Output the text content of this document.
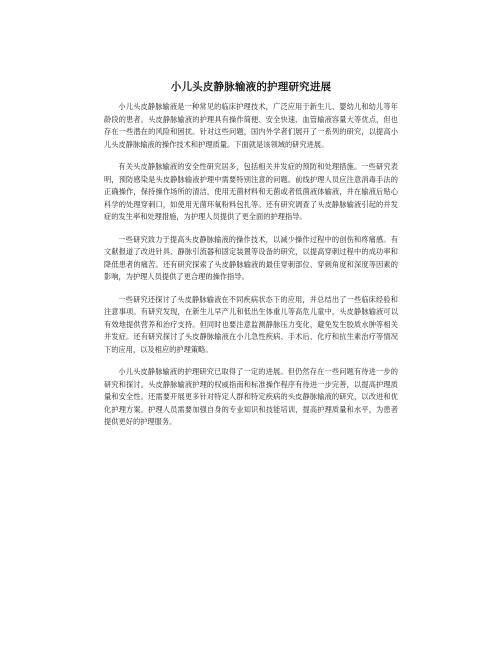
小儿头皮静脉输液的护理研究进展

小儿头皮静脉输液是一种常见的临床护理技术，广泛应用于新生儿、婴幼儿和幼儿等年龄段的患者。头皮静脉输液的护理具有操作简便、安全快速、血管输液容量大等优点，但也存在一些潜在的风险和困扰。针对这些问题，国内外学者们展开了一系列的研究，以提高小儿头皮静脉输液的操作技术和护理质量。下面就是该领域的研究进展。

有关头皮静脉输液的安全性研究居多，包括相关并发症的预防和处理措施。一些研究表明，预防感染是头皮静脉输液护理中需要特别注意的问题。前线护理人员应注意消毒手法的正确操作，保持操作场所的清洁，使用无菌材料和无菌或者低菌液体输液，并在输液后贴心科学的处理穿刺口，如使用无菌环氧粉料包扎等。还有研究调查了头皮静脉输液引起的并发症的发生率和处理措施，为护理人员提供了更全面的护理指导。

一些研究致力于提高头皮静脉输液的操作技术，以减少操作过程中的创伤和疼痛感。有文献报道了改进针具、静脉引流器和固定装置等设备的研究，以提高穿刺过程中的成功率和降低患者的痛苦。还有研究探索了头皮静脉输液的最佳穿刺部位、穿刺角度和深度等因素的影响，为护理人员提供了更合理的操作指导。

一些研究还探讨了头皮静脉输液在不同疾病状态下的应用，并总结出了一些临床经验和注意事项。有研究发现，在新生儿早产儿和低出生体重儿等高危儿童中，头皮静脉输液可以有效地提供营养和治疗支持。但同时也要注意监测静脉压力变化，避免发生胶质水肿等相关并发症。还有研究探讨了头皮静脉输液在小儿急性疾病、手术后、化疗和抗生素治疗等情况下的应用，以及相应的护理策略。

小儿头皮静脉输液的护理研究已取得了一定的进展。但仍然存在一些问题有待进一步的研究和探讨。头皮静脉输液护理的权威指南和标准操作程序有待进一步完善，以提高护理质量和安全性。还需要开展更多针对特定人群和特定疾病的头皮静脉输液的研究，以改进和优化护理方案。护理人员需要加强自身的专业知识和技能培训，提高护理质量和水平，为患者提供更好的护理服务。
